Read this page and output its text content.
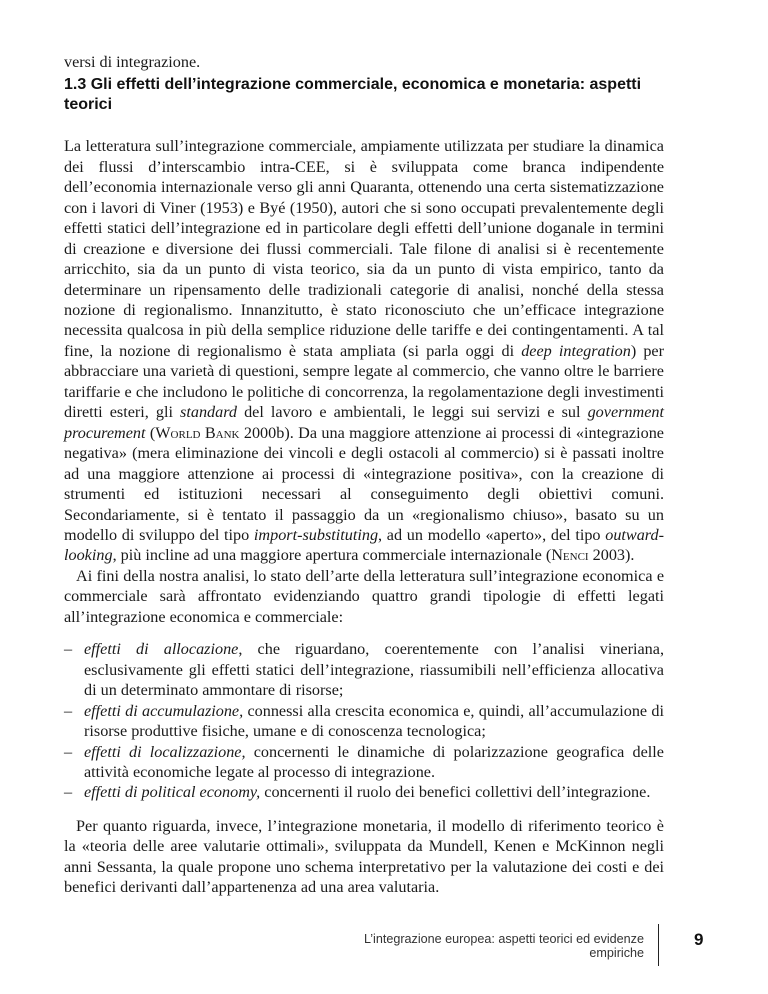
versi di integrazione.
1.3 Gli effetti dell’integrazione commerciale, economica e monetaria: aspetti teorici

La letteratura sull’integrazione commerciale, ampiamente utilizzata per studiare la dinamica dei flussi d’interscambio intra-CEE, si è sviluppata come branca indipendente dell’economia internazionale verso gli anni Quaranta, ottenendo una certa sistematizzazione con i lavori di Viner (1953) e Byé (1950), autori che si sono occupati prevalentemente degli effetti statici dell’integrazione ed in particolare degli effetti dell’unione doganale in termini di creazione e diversione dei flussi commerciali. Tale filone di analisi si è recentemente arricchito, sia da un punto di vista teorico, sia da un punto di vista empirico, tanto da determinare un ripensamento delle tradizionali categorie di analisi, nonché della stessa nozione di regionalismo. Innanzitutto, è stato riconosciuto che un’efficace integrazione necessita qualcosa in più della semplice riduzione delle tariffe e dei contingentamenti. A tal fine, la nozione di regionalismo è stata ampliata (si parla oggi di deep integration) per abbracciare una varietà di questioni, sempre legate al commercio, che vanno oltre le barriere tariffarie e che includono le politiche di concorrenza, la regolamentazione degli investimenti diretti esteri, gli standard del lavoro e ambientali, le leggi sui servizi e sul government procurement (World Bank 2000b). Da una maggiore attenzione ai processi di «integrazione negativa» (mera eliminazione dei vincoli e degli ostacoli al commercio) si è passati inoltre ad una maggiore attenzione ai processi di «integrazione positiva», con la creazione di strumenti ed istituzioni necessari al conseguimento degli obiettivi comuni. Secondariamente, si è tentato il passaggio da un «regionalismo chiuso», basato su un modello di sviluppo del tipo import-substituting, ad un modello «aperto», del tipo outward-looking, più incline ad una maggiore apertura commerciale internazionale (Nenci 2003).

Ai fini della nostra analisi, lo stato dell’arte della letteratura sull’integrazione economica e commerciale sarà affrontato evidenziando quattro grandi tipologie di effetti legati all’integrazione economica e commerciale:

– effetti di allocazione, che riguardano, coerentemente con l’analisi vineriana, esclusivamente gli effetti statici dell’integrazione, riassumibili nell’efficienza allocativa di un determinato ammontare di risorse;
– effetti di accumulazione, connessi alla crescita economica e, quindi, all’accumulazione di risorse produttive fisiche, umane e di conoscenza tecnologica;
– effetti di localizzazione, concernenti le dinamiche di polarizzazione geografica delle attività economiche legate al processo di integrazione.
– effetti di political economy, concernenti il ruolo dei benefici collettivi dell’integrazione.

Per quanto riguarda, invece, l’integrazione monetaria, il modello di riferimento teorico è la «teoria delle aree valutarie ottimali», sviluppata da Mundell, Kenen e McKinnon negli anni Sessanta, la quale propone uno schema interpretativo per la valutazione dei costi e dei benefici derivanti dall’appartenenza ad una area valutaria.

L’integrazione europea: aspetti teorici ed evidenze empiriche
9
